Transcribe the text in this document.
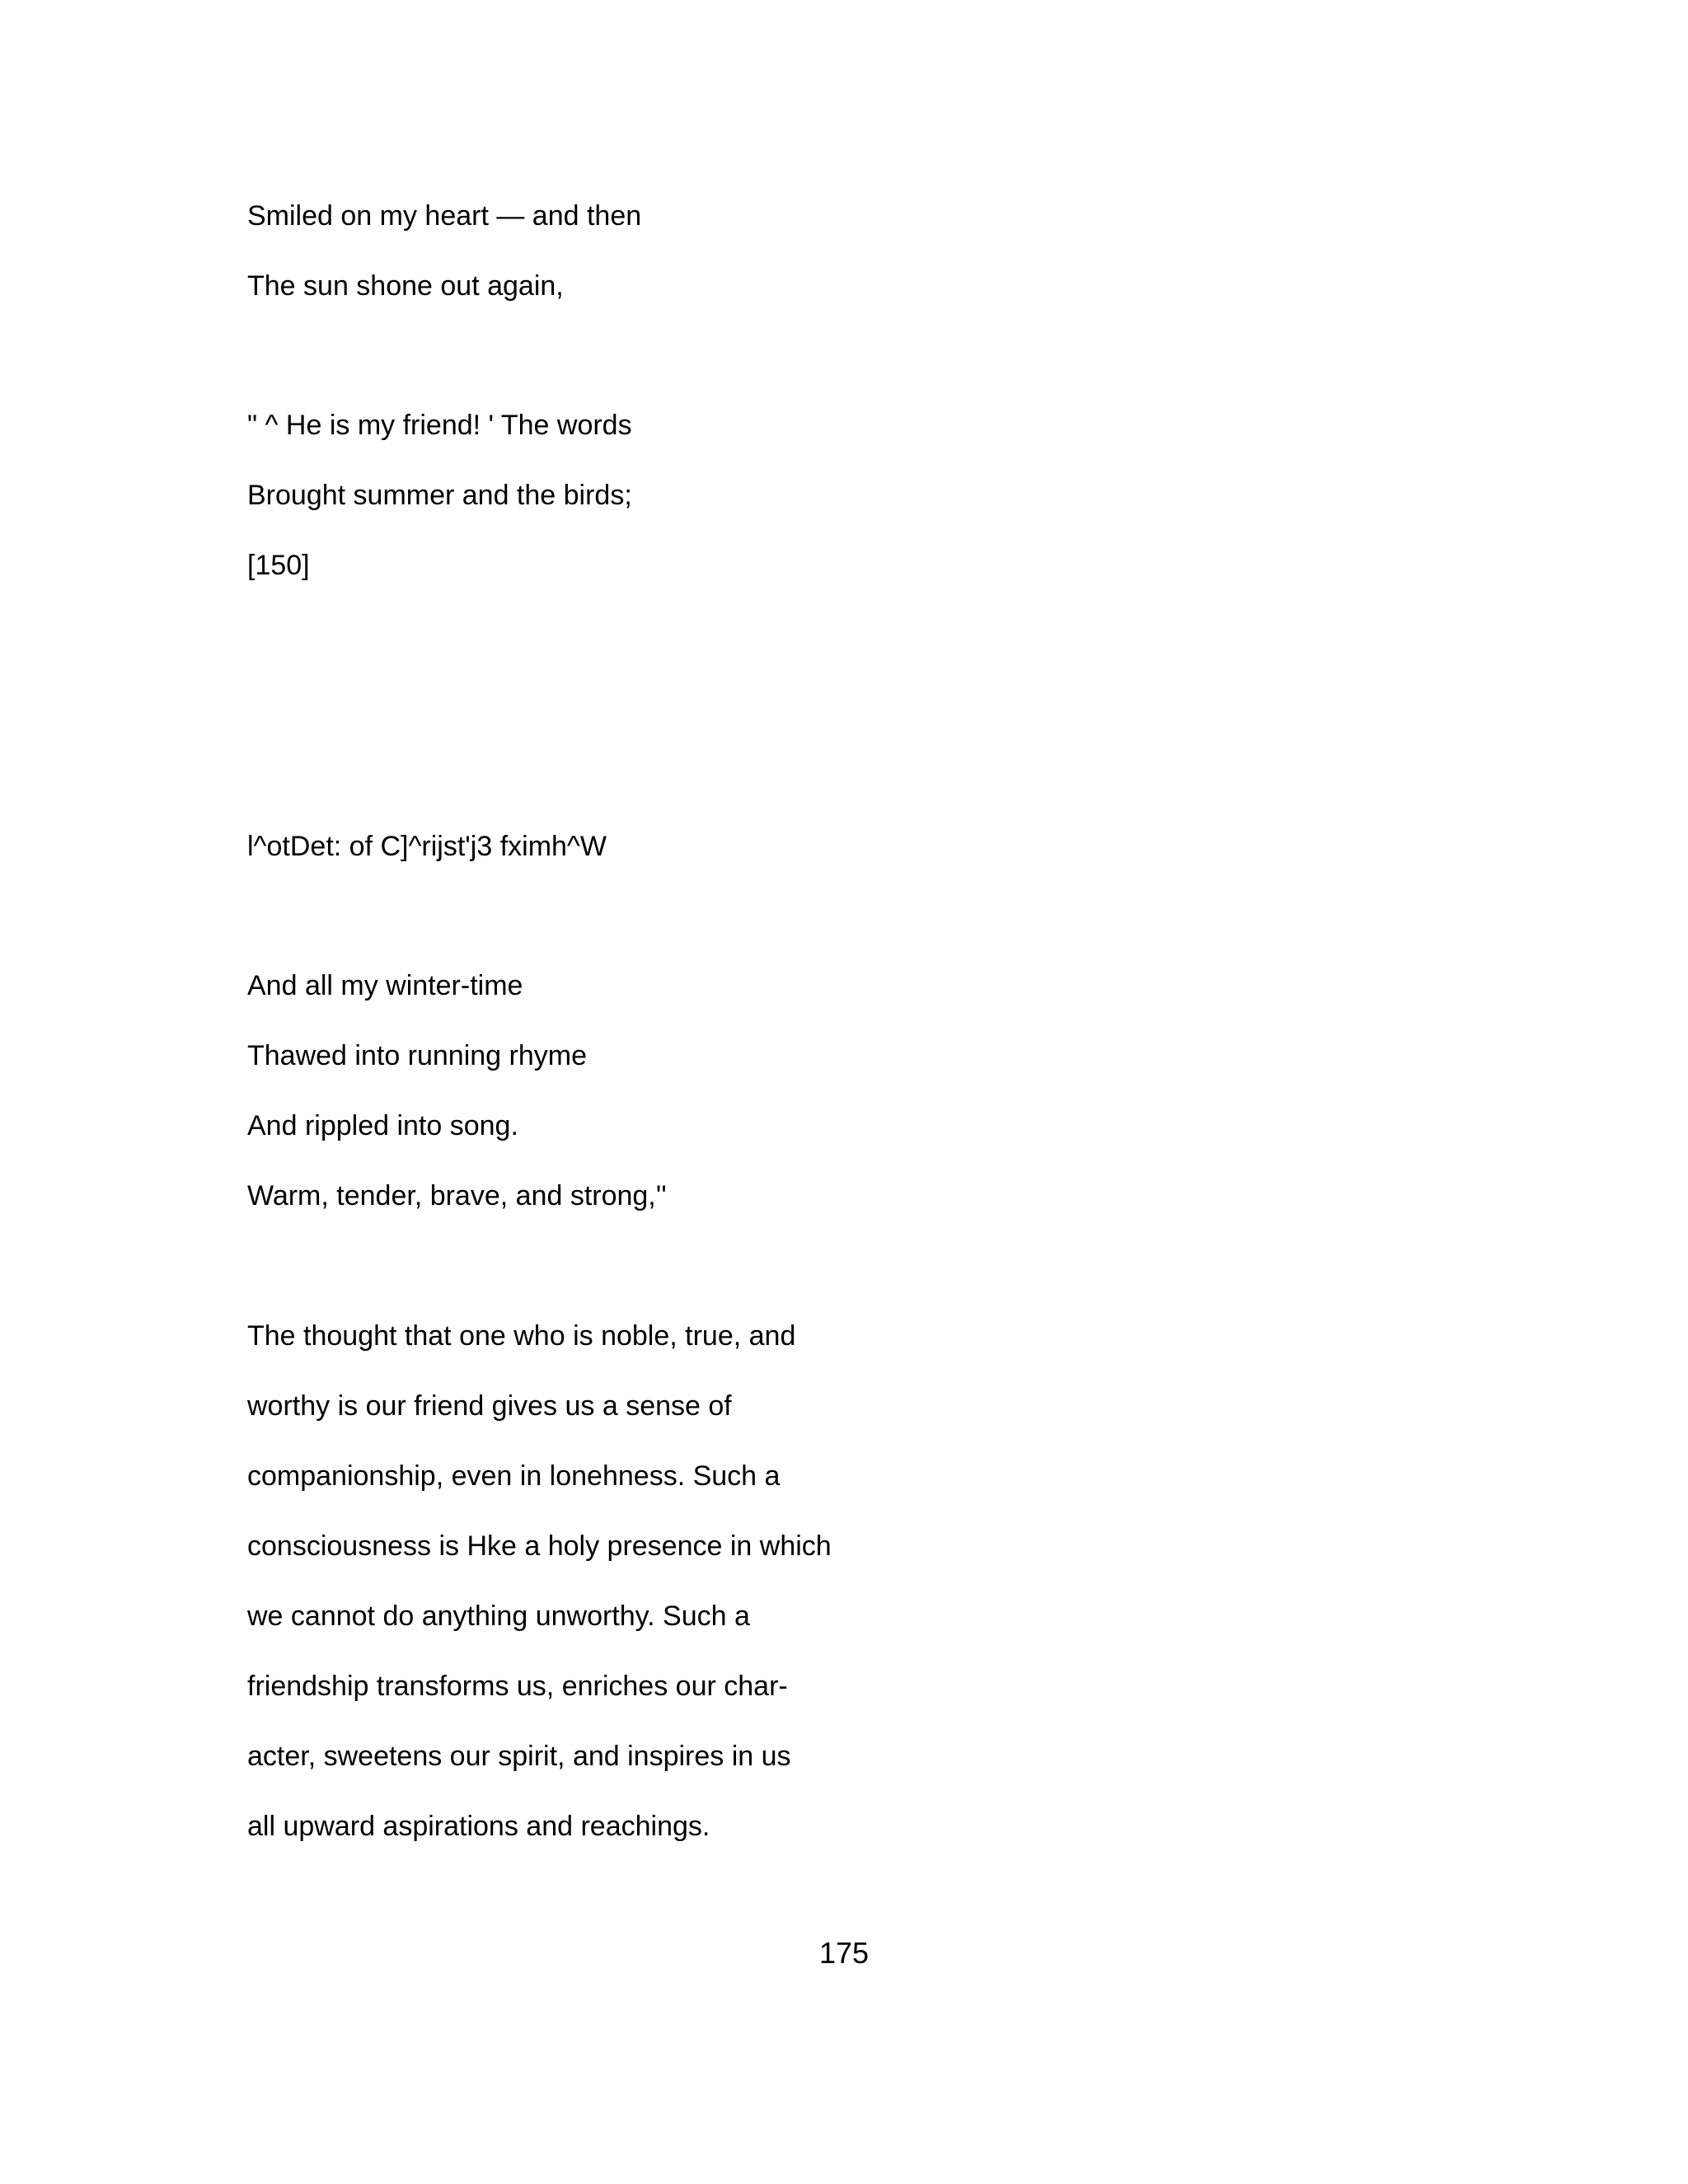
Smiled on my heart — and then

The sun shone out again,

" ^ He is my friend! ' The words

Brought summer and the birds;

[150]

l^otDet: of C]^rijst'j3 fximh^W

And all my winter-time

Thawed into running rhyme

And rippled into song.

Warm, tender, brave, and strong,''

The thought that one who is noble, true, and

worthy is our friend gives us a sense of

companionship, even in lonehness. Such a

consciousness is Hke a holy presence in which

we cannot do anything unworthy. Such a

friendship transforms us, enriches our char-

acter, sweetens our spirit, and inspires in us

all upward aspirations and reachings.

175
